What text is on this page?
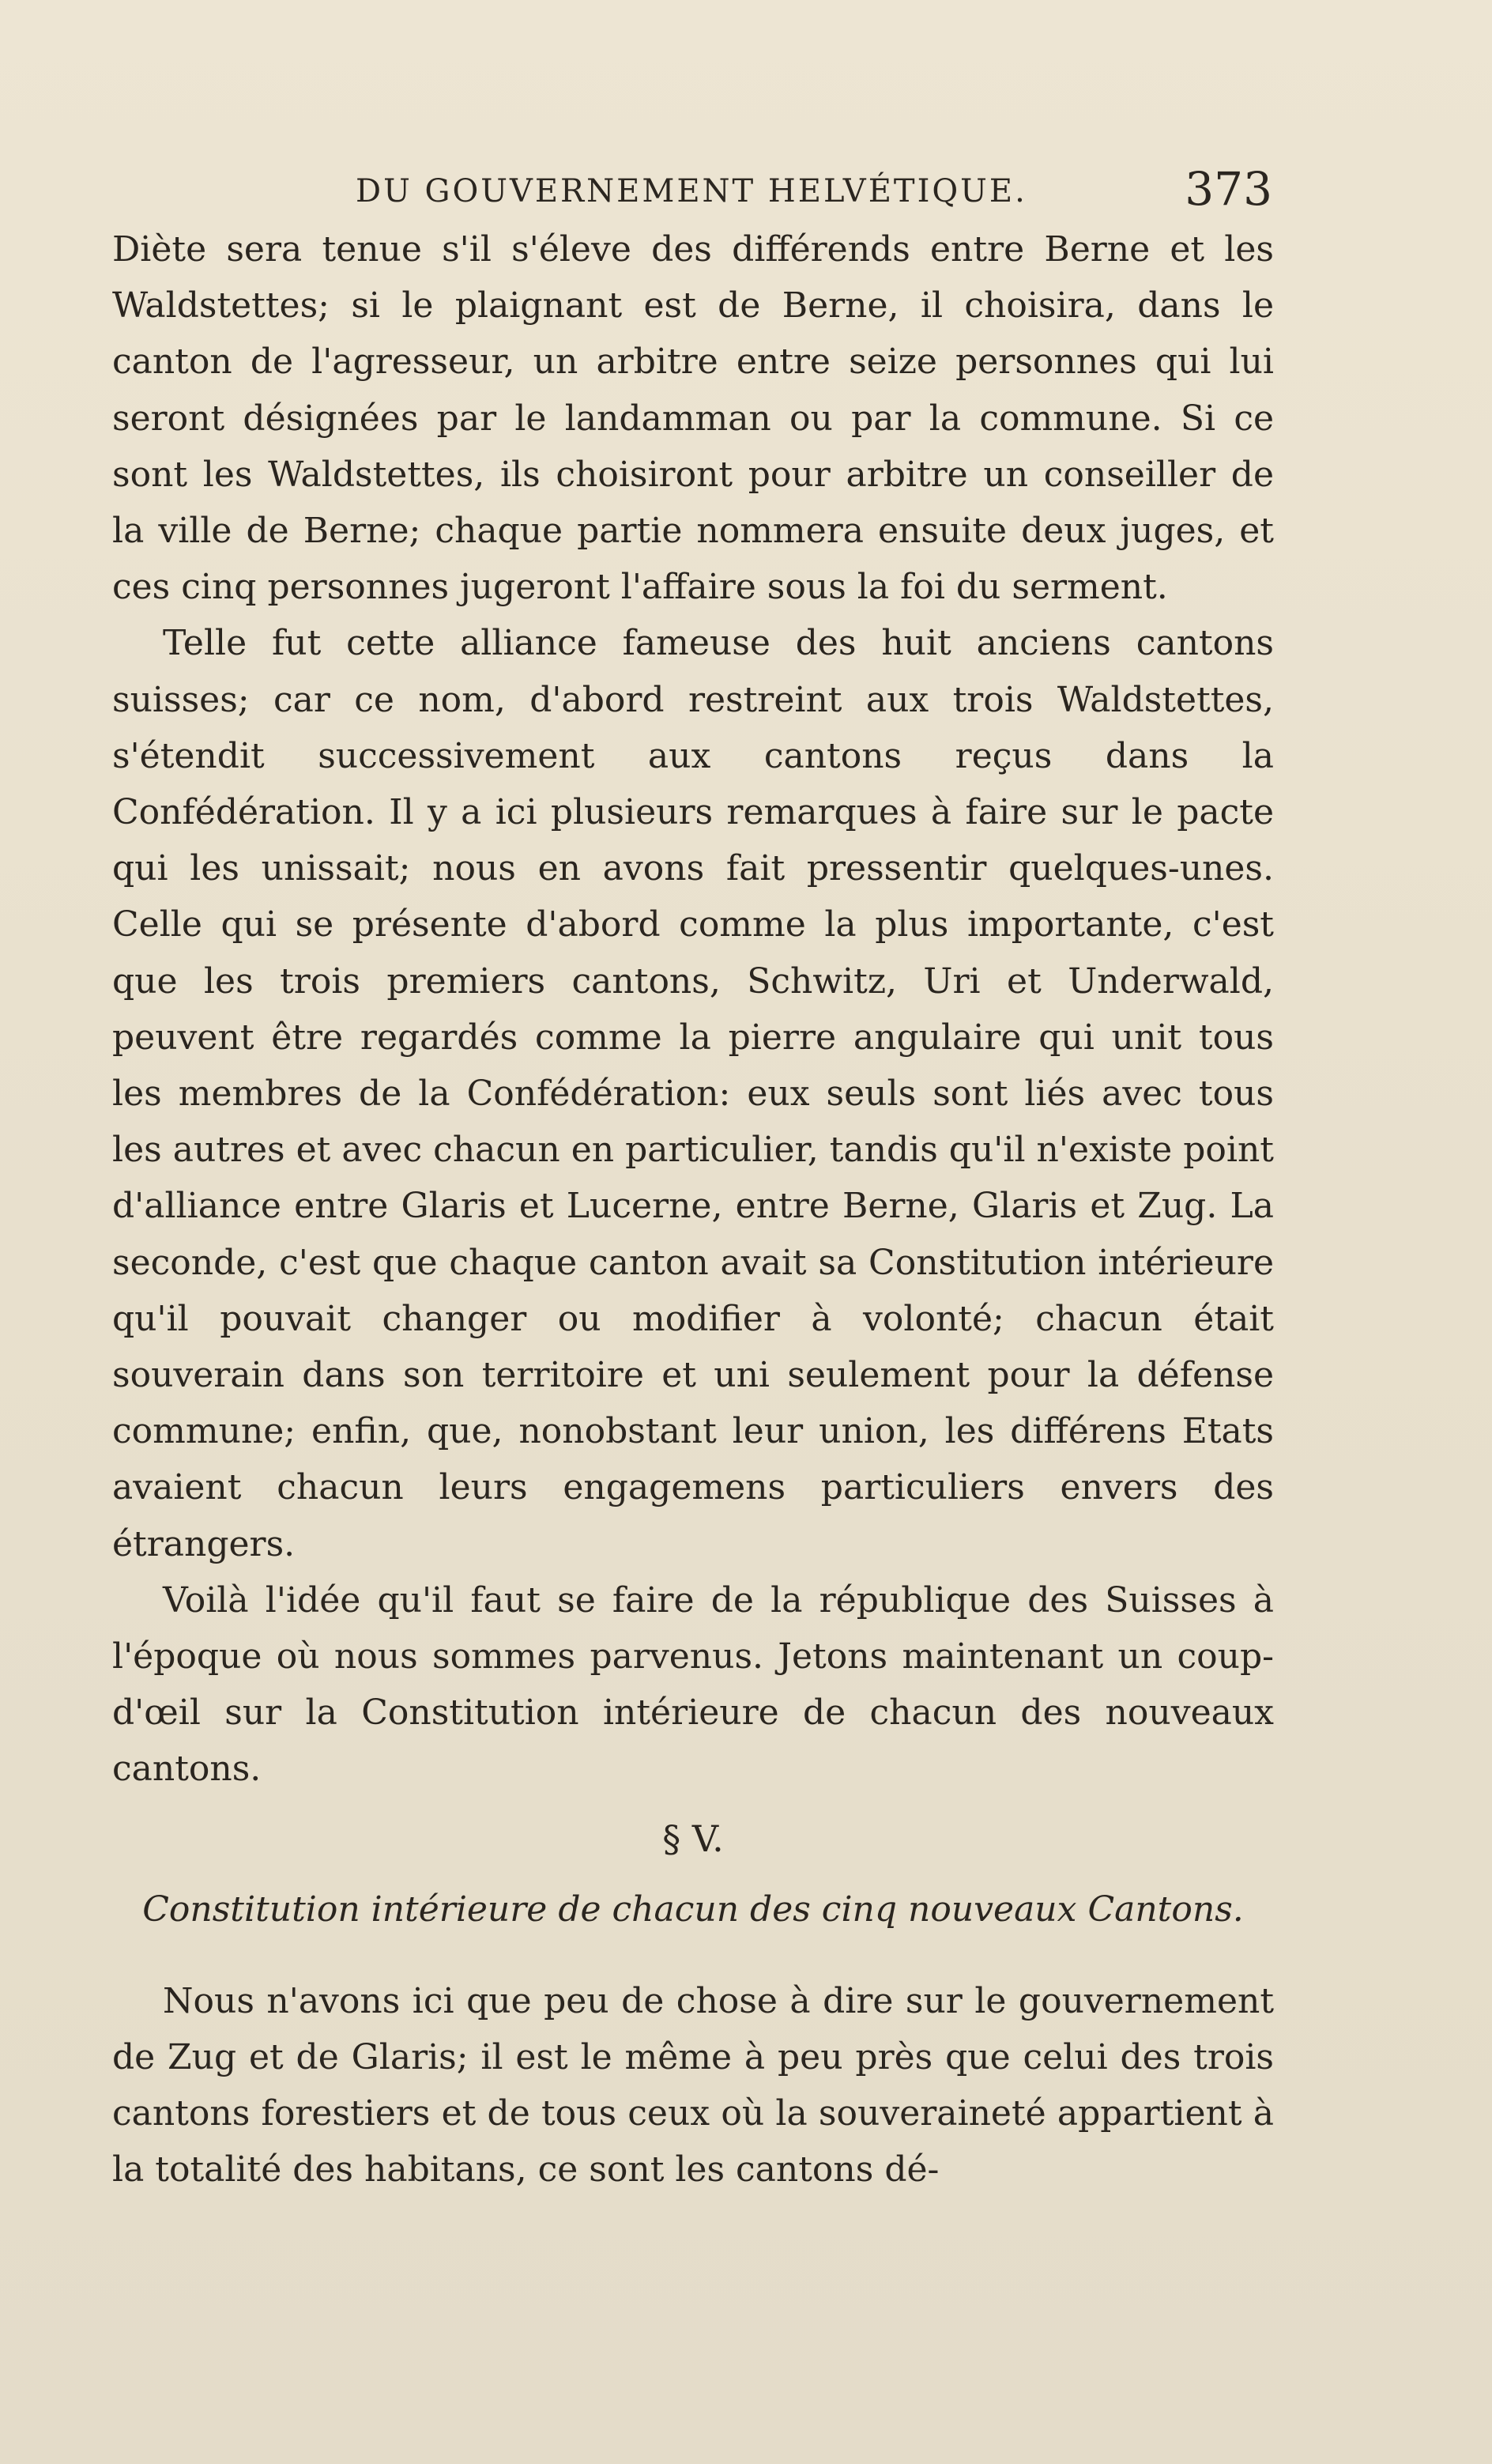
DU GOUVERNEMENT HELVÉTIQUE.	373

Diète sera tenue s'il s'éleve des différends entre Berne et les Waldstettes; si le plaignant est de Berne, il choisira, dans le canton de l'agresseur, un arbitre entre seize personnes qui lui seront désignées par le landamman ou par la commune. Si ce sont les Waldstettes, ils choisiront pour arbitre un conseiller de la ville de Berne; chaque partie nommera ensuite deux juges, et ces cinq personnes jugeront l'affaire sous la foi du serment.

Telle fut cette alliance fameuse des huit anciens cantons suisses; car ce nom, d'abord restreint aux trois Waldstettes, s'étendit successivement aux cantons reçus dans la Confédération. Il y a ici plusieurs remarques à faire sur le pacte qui les unissait; nous en avons fait pressentir quelques-unes. Celle qui se présente d'abord comme la plus importante, c'est que les trois premiers cantons, Schwitz, Uri et Underwald, peuvent être regardés comme la pierre angulaire qui unit tous les membres de la Confédération: eux seuls sont liés avec tous les autres et avec chacun en particulier, tandis qu'il n'existe point d'alliance entre Glaris et Lucerne, entre Berne, Glaris et Zug. La seconde, c'est que chaque canton avait sa Constitution intérieure qu'il pouvait changer ou modifier à volonté; chacun était souverain dans son territoire et uni seulement pour la défense commune; enfin, que, nonobstant leur union, les différens Etats avaient chacun leurs engagemens particuliers envers des étrangers.

Voilà l'idée qu'il faut se faire de la république des Suisses à l'époque où nous sommes parvenus. Jetons maintenant un coup-d'œil sur la Constitution intérieure de chacun des nouveaux cantons.

§ V.
Constitution intérieure de chacun des cinq nouveaux Cantons.

Nous n'avons ici que peu de chose à dire sur le gouvernement de Zug et de Glaris; il est le même à peu près que celui des trois cantons forestiers et de tous ceux où la souveraineté appartient à la totalité des habitans, ce sont les cantons dé-
